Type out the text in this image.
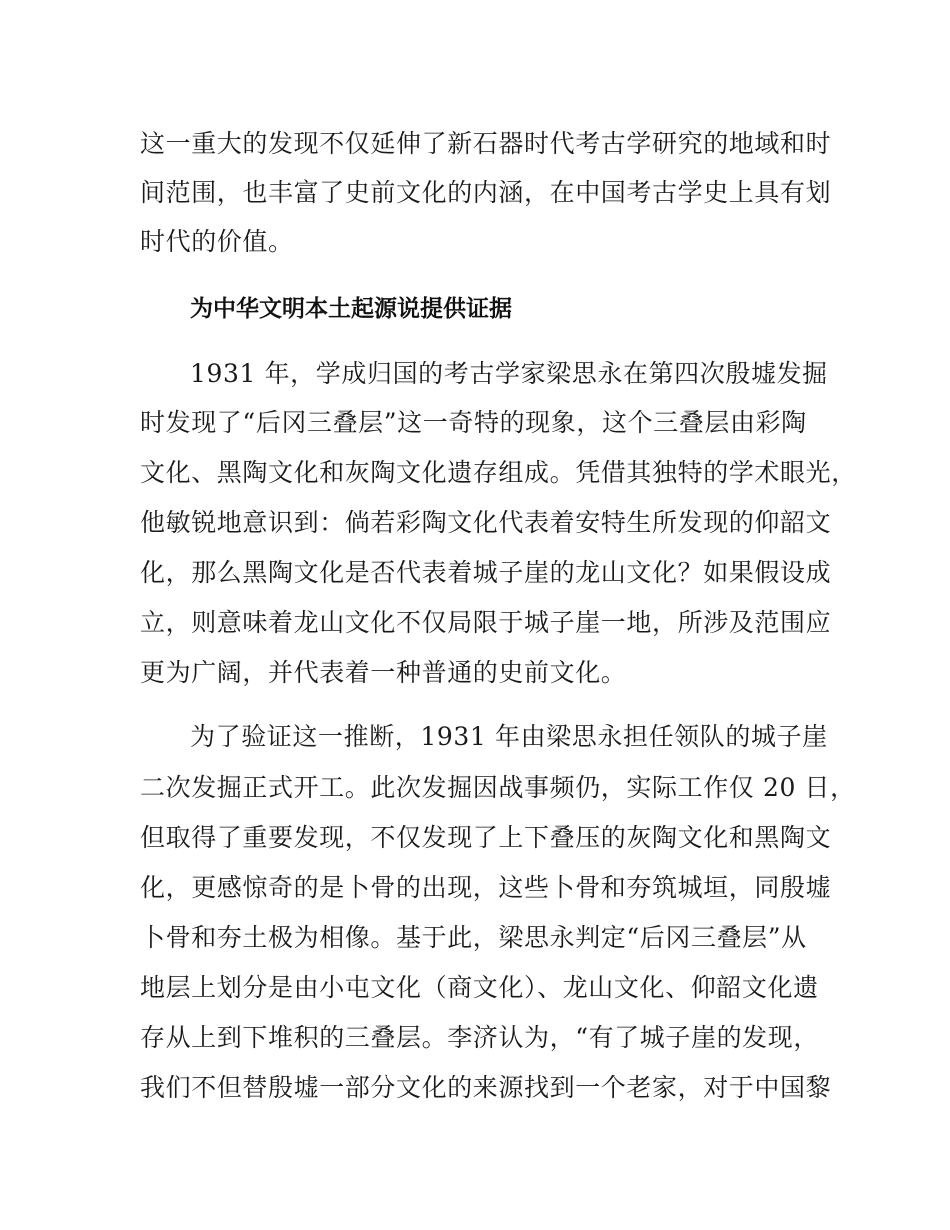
这一重大的发现不仅延伸了新石器时代考古学研究的地域和时

间范围，也丰富了史前文化的内涵，在中国考古学史上具有划

时代的价值。

为中华文明本土起源说提供证据

1931 年，学成归国的考古学家梁思永在第四次殷墟发掘

时发现了“后冈三叠层”这一奇特的现象，这个三叠层由彩陶

文化、黑陶文化和灰陶文化遗存组成。凭借其独特的学术眼光，

他敏锐地意识到：倘若彩陶文化代表着安特生所发现的仰韶文

化，那么黑陶文化是否代表着城子崖的龙山文化？如果假设成

立，则意味着龙山文化不仅局限于城子崖一地，所涉及范围应

更为广阔，并代表着一种普通的史前文化。

为了验证这一推断，1931 年由梁思永担任领队的城子崖

二次发掘正式开工。此次发掘因战事频仍，实际工作仅 20 日，

但取得了重要发现，不仅发现了上下叠压的灰陶文化和黑陶文

化，更感惊奇的是卜骨的出现，这些卜骨和夯筑城垣，同殷墟

卜骨和夯土极为相像。基于此，梁思永判定“后冈三叠层”从

地层上划分是由小屯文化（商文化）、龙山文化、仰韶文化遗

存从上到下堆积的三叠层。李济认为，“有了城子崖的发现，

我们不但替殷墟一部分文化的来源找到一个老家，对于中国黎
